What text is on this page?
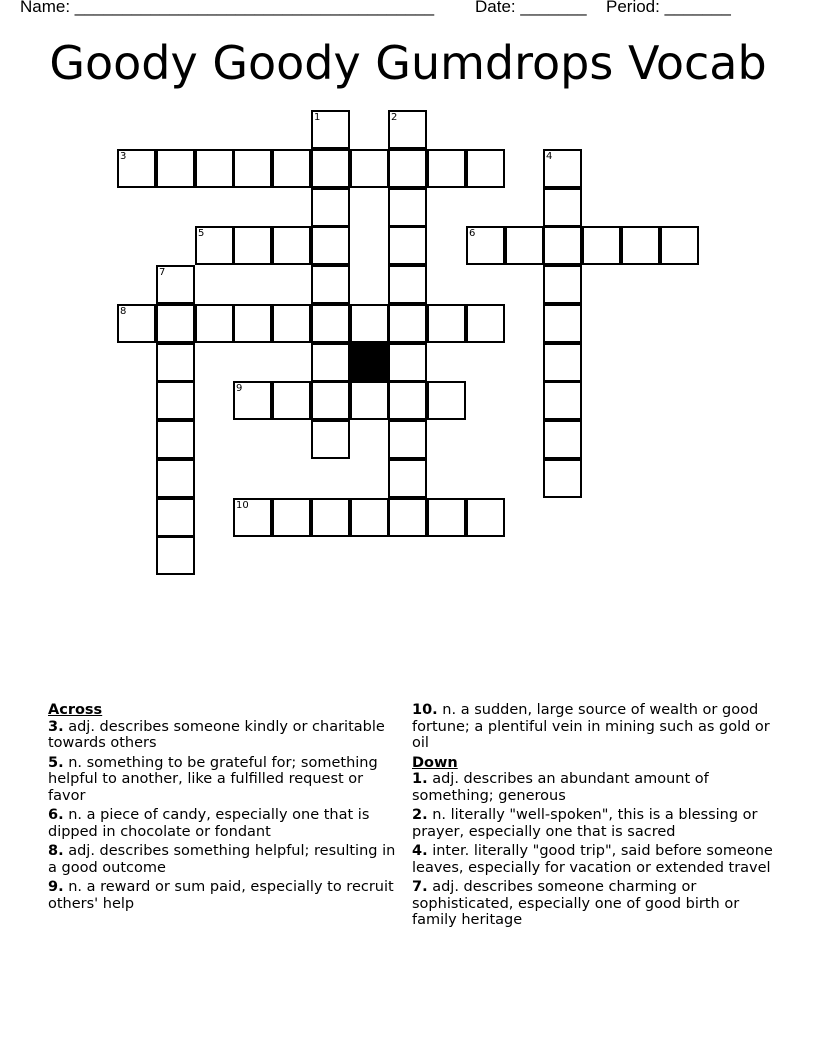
Name: ______________________________________ Date: _______ Period: _______
Goody Goody Gumdrops Vocab
1	2
3	4
5	6
7
8
9
10
Across
3. adj. describes someone kindly or charitable towards others
5. n. something to be grateful for; something helpful to another, like a fulfilled request or favor
6. n. a piece of candy, especially one that is dipped in chocolate or fondant
8. adj. describes something helpful; resulting in a good outcome
9. n. a reward or sum paid, especially to recruit others' help
10. n. a sudden, large source of wealth or good fortune; a plentiful vein in mining such as gold or oil
Down
1. adj. describes an abundant amount of something; generous
2. n. literally "well-spoken", this is a blessing or prayer, especially one that is sacred
4. inter. literally "good trip", said before someone leaves, especially for vacation or extended travel
7. adj. describes someone charming or sophisticated, especially one of good birth or family heritage
